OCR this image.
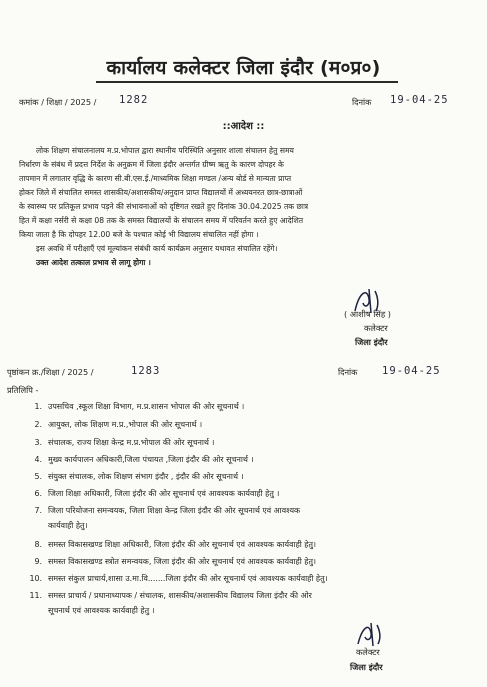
कार्यालय कलेक्टर जिला इंदौर (म०प्र०)
कमांक / शिक्षा / 2025 / 1282	दिनांक 19-04-25
::आदेश ::
लोक शिक्षण संचालनालय म.प्र.भोपाल द्वारा स्थानीय परिस्थिति अनुसार शाला संचालन हेतु समय
निर्धारण के संबंध में प्रदत्त निर्देश के अनुक्रम में जिला इंदौर अन्तर्गत ग्रीष्म ऋतु के कारण दोपहर के
तापमान में लगातार वृद्धि के कारण सी.बी.एस.ई./माध्यमिक शिक्षा मण्डल /अन्य बोर्ड से मान्यता प्राप्त
होकर जिले में संचालित समस्त शासकीय/अशासकीय/अनुदान प्राप्त विद्यालयों में अध्ययनरत छात्र-छात्राओं
के स्वास्थ्य पर प्रतिकूल प्रभाव पड़ने की संभावनाओं को दृष्टिगत रखते हुए दिनांक 30.04.2025 तक छात्र
हित में कक्षा नर्सरी से कक्षा 08 तक के समस्त विद्यालयों के संचालन समय में परिवर्तन करते हुए आदेशित
किया जाता है कि दोपहर 12.00 बजे के पश्चात कोई भी विद्यालय संचालित नहीं होगा ।
इस अवधि में परीक्षाएँ एवं मूल्यांकन संबंधी कार्य कार्यक्रम अनुसार यथावत संचालित रहेंगे।
उक्त आदेश तत्काल प्रभाव से लागू होगा ।
( आशीष सिंह )
कलेक्टर
जिला इंदौर
पृष्ठांकन क्र./शिक्षा / 2025 /	1283	दिनांक 19-04-25
प्रतिलिपि -
1. उपसचिव ,स्कूल शिक्षा विभाग, म.प्र.शासन भोपाल की ओर सूचनार्थ ।
2. आयुक्त, लोक शिक्षण म.प्र.,भोपाल की ओर सूचनार्थ ।
3. संचालक, राज्य शिक्षा केन्द्र म.प्र.भोपाल की ओर सूचनार्थ ।
4. मुख्य कार्यपालन अधिकारी,जिला पंचायत ,जिला इंदौर की ओर सूचनार्थ ।
5. संयुक्त संचालक, लोक शिक्षण संभाग इंदौर , इंदौर की ओर सूचनार्थ ।
6. जिला शिक्षा अधिकारी, जिला इंदौर की ओर सूचनार्थ एवं आवश्यक कार्यवाही हेतु ।
7. जिला परियोजना समन्वयक, जिला शिक्षा केन्द्र जिला इंदौर की ओर सूचनार्थ एवं आवश्यक
कार्यवाही हेतु।
8. समस्त विकासखण्ड शिक्षा अधिकारी, जिला इंदौर की ओर सूचनार्थ एवं आवश्यक कार्यवाही हेतु।
9. समस्त विकासखण्ड स्त्रोत समन्वयक, जिला इंदौर की ओर सूचनार्थ एवं आवश्यक कार्यवाही हेतु।
10. समस्त संकुल प्राचार्य,शासा उ.मा.वि.......जिला इंदौर की ओर सूचनार्थ एवं आवश्यक कार्यवाही हेतु।
11. समस्त प्राचार्य / प्रधानाध्यापक / संचालक, शासकीय/अशासकीय विद्यालय जिला इंदौर की ओर
सूचनार्थ एवं आवश्यक कार्यवाही हेतु ।
कलेक्टर
जिला इंदौर
